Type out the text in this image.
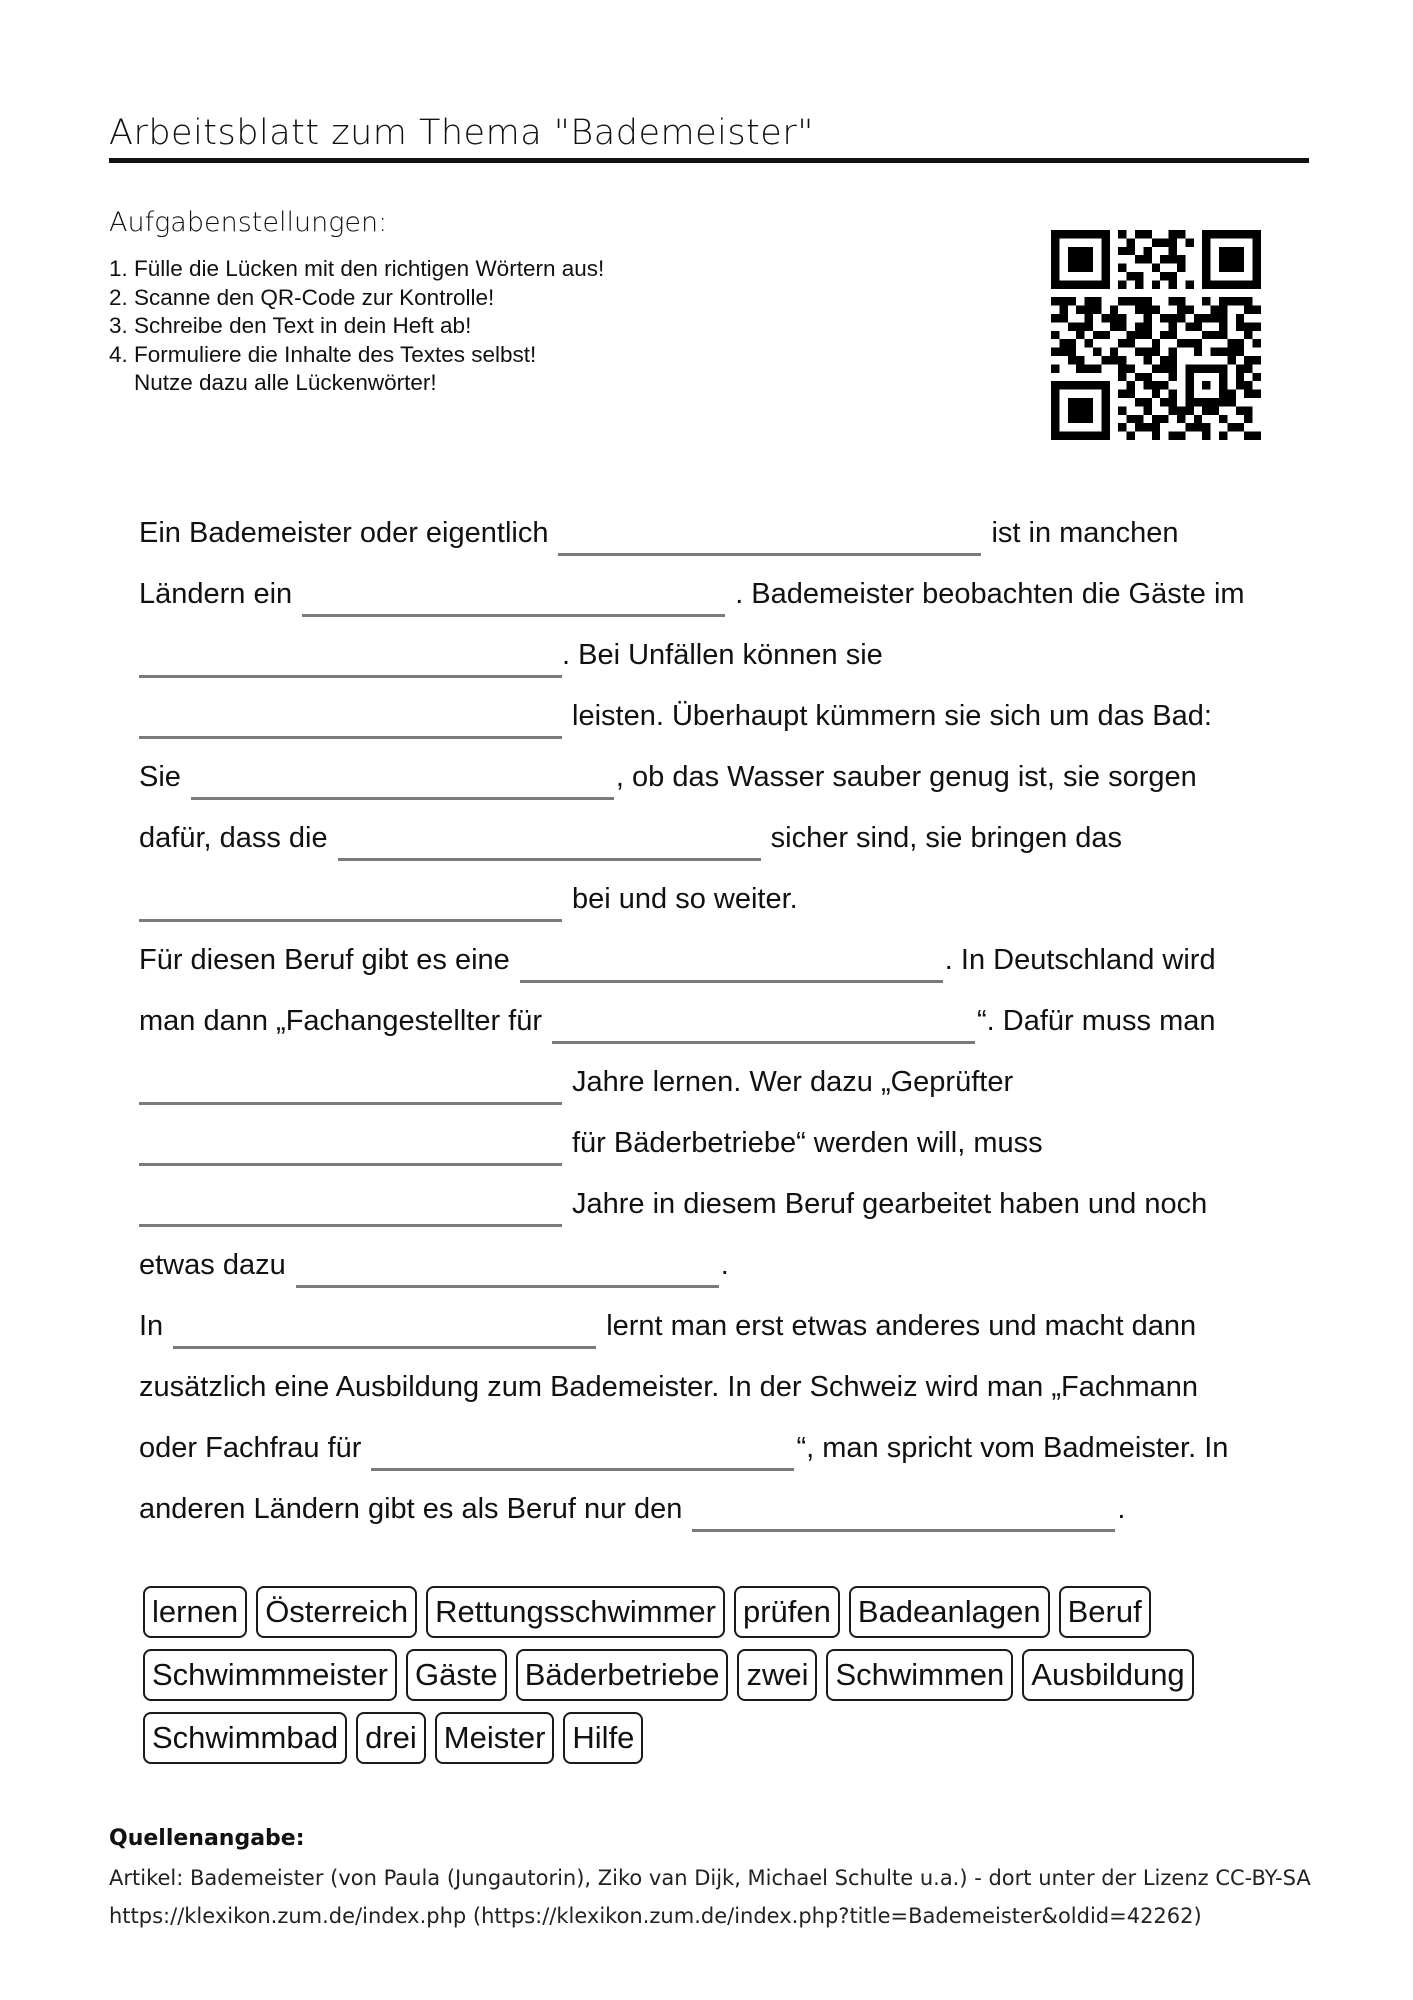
Arbeitsblatt zum Thema "Bademeister"
Aufgabenstellungen:
1. Fülle die Lücken mit den richtigen Wörtern aus!
2. Scanne den QR-Code zur Kontrolle!
3. Schreibe den Text in dein Heft ab!
4. Formuliere die Inhalte des Textes selbst!
Nutze dazu alle Lückenwörter!
Ein Bademeister oder eigentlich	ist in manchen
Ländern ein	. Bademeister beobachten die Gäste im
. Bei Unfällen können sie
leisten. Überhaupt kümmern sie sich um das Bad:
Sie	, ob das Wasser sauber genug ist, sie sorgen
dafür, dass die	sicher sind, sie bringen das
bei und so weiter.
Für diesen Beruf gibt es eine	. In Deutschland wird
man dann „Fachangestellter für	“. Dafür muss man
Jahre lernen. Wer dazu „Geprüfter
für Bäderbetriebe“ werden will, muss
Jahre in diesem Beruf gearbeitet haben und noch
etwas dazu	.
In	lernt man erst etwas anderes und macht dann
zusätzlich eine Ausbildung zum Bademeister. In der Schweiz wird man „Fachmann
oder Fachfrau für	“, man spricht vom Badmeister. In
anderen Ländern gibt es als Beruf nur den	.
lernen Österreich Rettungsschwimmer prüfen Badeanlagen Beruf
Schwimmmeister Gäste Bäderbetriebe zwei Schwimmen Ausbildung
Schwimmbad drei Meister Hilfe
Quellenangabe:
Artikel: Bademeister (von Paula (Jungautorin), Ziko van Dijk, Michael Schulte u.a.) - dort unter der Lizenz CC-BY-SA
https://klexikon.zum.de/index.php (https://klexikon.zum.de/index.php?title=Bademeister&oldid=42262)
